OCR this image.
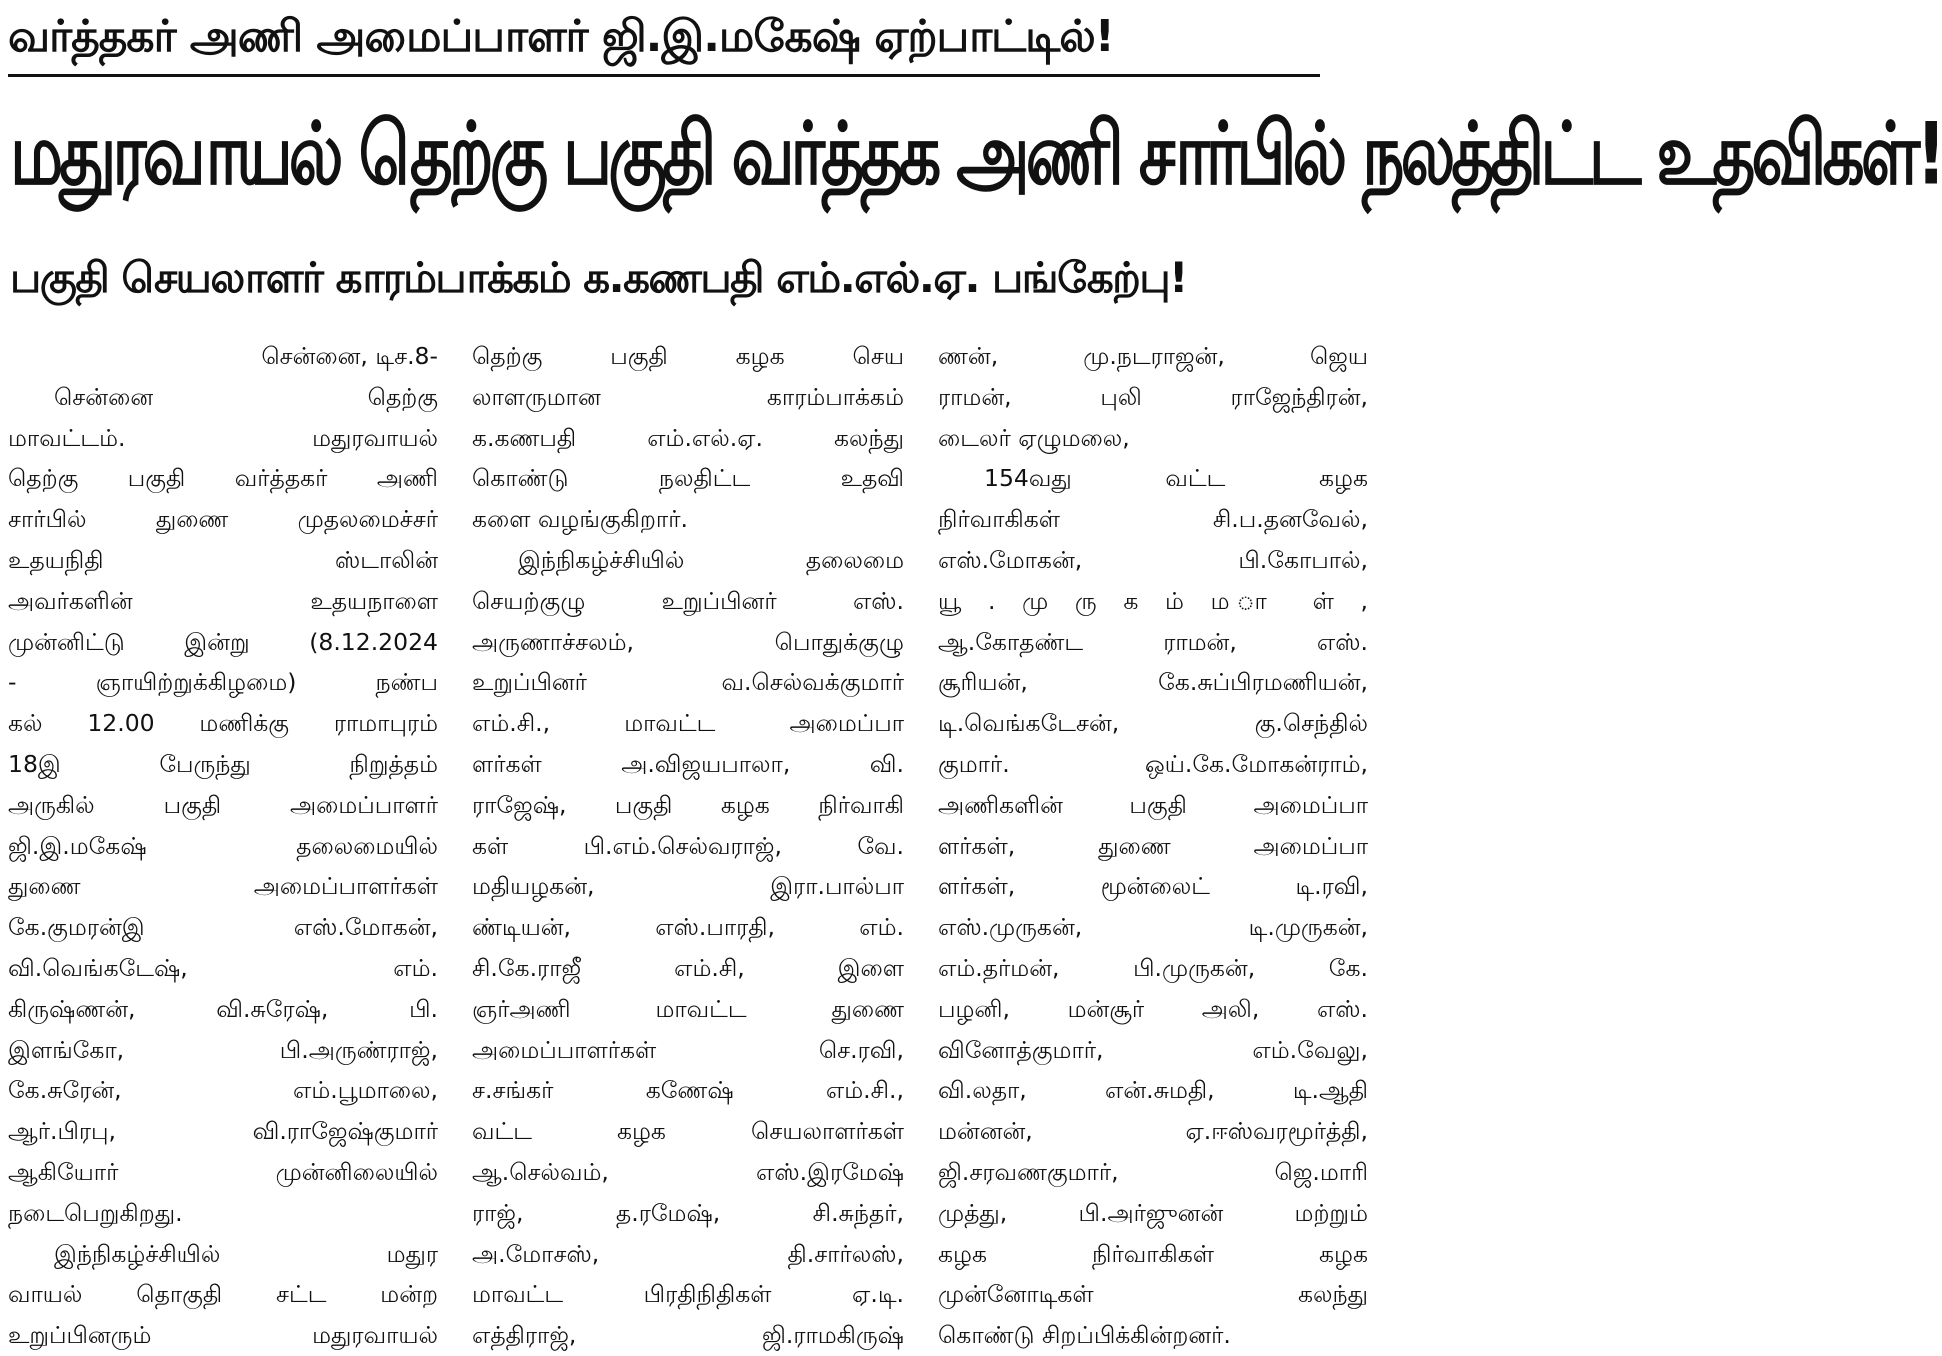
வர்த்தகர் அணி அமைப்பாளர் ஜி.இ.மகேஷ் ஏற்பாட்டில்!
மதுரவாயல் தெற்கு பகுதி வர்த்தக அணி சார்பில் நலத்திட்ட உதவிகள்!
பகுதி செயலாளர் காரம்பாக்கம் க.கணபதி எம்.எல்.ஏ. பங்கேற்பு!
சென்னை, டிச.8-
சென்னை தெற்கு
மாவட்டம். மதுரவாயல்
தெற்கு பகுதி வர்த்தகர் அணி
சார்பில் துணை முதலமைச்சர்
உதயநிதி ஸ்டாலின்
அவர்களின் உதயநாளை
முன்னிட்டு இன்று (8.12.2024
- ஞாயிற்றுக்கிழமை) நண்ப
கல் 12.00 மணிக்கு ராமாபுரம்
18இ பேருந்து நிறுத்தம்
அருகில் பகுதி அமைப்பாளர்
ஜி.இ.மகேஷ் தலைமையில்
துணை அமைப்பாளர்கள்
கே.குமரன்இ எஸ்.மோகன்,
வி.வெங்கடேஷ், எம்.
கிருஷ்ணன், வி.சுரேஷ், பி.
இளங்கோ, பி.அருண்ராஜ்,
கே.சுரேன், எம்.பூமாலை,
ஆர்.பிரபு, வி.ராஜேஷ்குமார்
ஆகியோர் முன்னிலையில்
நடைபெறுகிறது.
இந்நிகழ்ச்சியில் மதுர
வாயல் தொகுதி சட்ட மன்ற
உறுப்பினரும் மதுரவாயல்
தெற்கு பகுதி கழக செய
லாளருமான காரம்பாக்கம்
க.கணபதி எம்.எல்.ஏ. கலந்து
கொண்டு நலதிட்ட உதவி
களை வழங்குகிறார்.
இந்நிகழ்ச்சியில் தலைமை
செயற்குழு உறுப்பினர் எஸ்.
அருணாச்சலம், பொதுக்குழு
உறுப்பினர் வ.செல்வக்குமார்
எம்.சி., மாவட்ட அமைப்பா
ளர்கள் அ.விஜயபாலா, வி.
ராஜேஷ், பகுதி கழக நிர்வாகி
கள் பி.எம்.செல்வராஜ், வே.
மதியழகன், இரா.பால்பா
ண்டியன், எஸ்.பாரதி, எம்.
சி.கே.ராஜீ எம்.சி, இளை
ஞர்அணி மாவட்ட துணை
அமைப்பாளர்கள் செ.ரவி,
ச.சங்கர் கணேஷ் எம்.சி.,
வட்ட கழக செயலாளர்கள்
ஆ.செல்வம், எஸ்.இரமேஷ்
ராஜ், த.ரமேஷ், சி.சுந்தர்,
அ.மோசஸ், தி.சார்லஸ்,
மாவட்ட பிரதிநிதிகள் ஏ.டி.
எத்திராஜ், ஜி.ராமகிருஷ்
ணன், மு.நடராஜன், ஜெய
ராமன், புலி ராஜேந்திரன்,
டைலர் ஏழுமலை,
154வது வட்ட கழக
நிர்வாகிகள் சி.ப.தனவேல்,
எஸ்.மோகன், பி.கோபால்,
யூ . மு ரு க ம் ம ா ள் ,
ஆ.கோதண்ட ராமன், எஸ்.
சூரியன், கே.சுப்பிரமணியன்,
டி.வெங்கடேசன், கு.செந்தில்
குமார். ஒய்.கே.மோகன்ராம்,
அணிகளின் பகுதி அமைப்பா
ளர்கள், துணை அமைப்பா
ளர்கள், மூன்லைட் டி.ரவி,
எஸ்.முருகன், டி.முருகன்,
எம்.தர்மன், பி.முருகன், கே.
பழனி, மன்சூர் அலி, எஸ்.
வினோத்குமார், எம்.வேலு,
வி.லதா, என்.சுமதி, டி.ஆதி
மன்னன், ஏ.ஈஸ்வரமூர்த்தி,
ஜி.சரவணகுமார், ஜெ.மாரி
முத்து, பி.அர்ஜுனன் மற்றும்
கழக நிர்வாகிகள் கழக
முன்னோடிகள் கலந்து
கொண்டு சிறப்பிக்கின்றனர்.
